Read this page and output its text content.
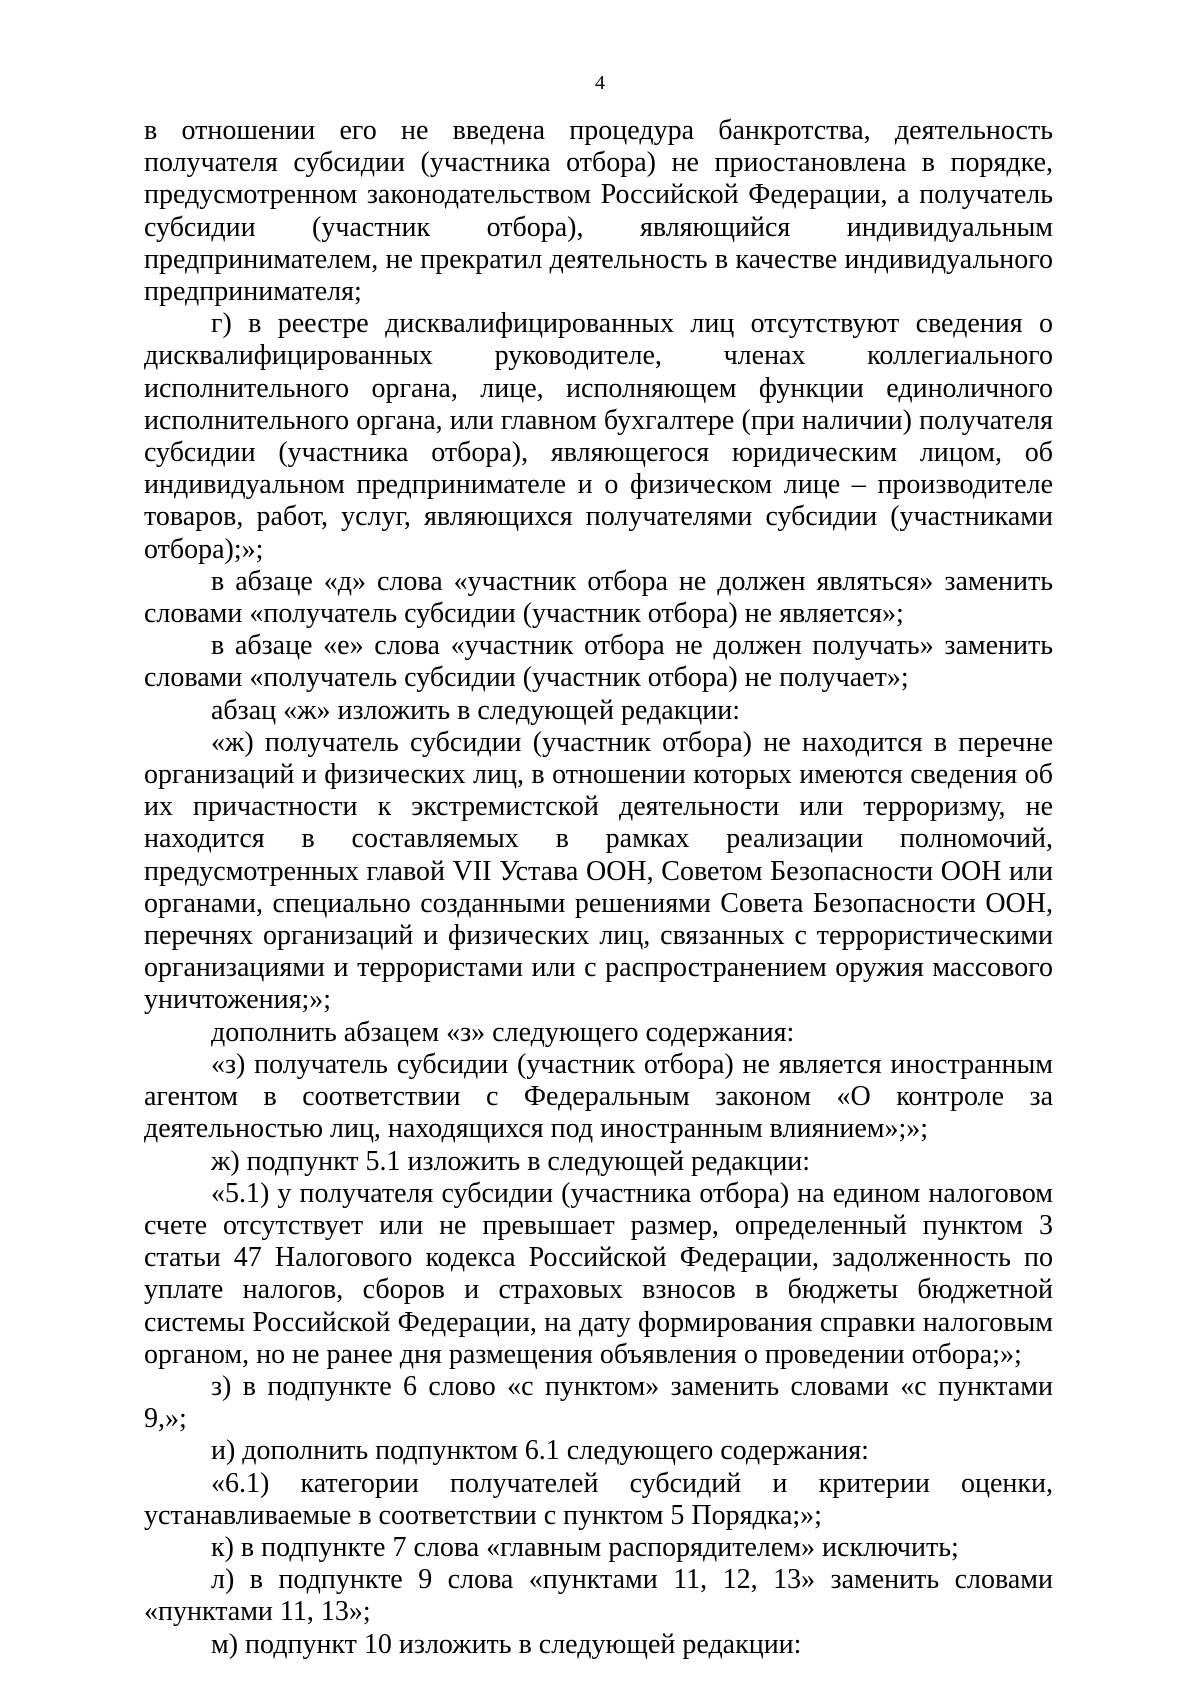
4

в отношении его не введена процедура банкротства, деятельность получателя субсидии (участника отбора) не приостановлена в порядке, предусмотренном законодательством Российской Федерации, а получатель субсидии (участник отбора), являющийся индивидуальным предпринимателем, не прекратил деятельность в качестве индивидуального предпринимателя;

г) в реестре дисквалифицированных лиц отсутствуют сведения о дисквалифицированных руководителе, членах коллегиального исполнительного органа, лице, исполняющем функции единоличного исполнительного органа, или главном бухгалтере (при наличии) получателя субсидии (участника отбора), являющегося юридическим лицом, об индивидуальном предпринимателе и о физическом лице – производителе товаров, работ, услуг, являющихся получателями субсидии (участниками отбора);»;

в абзаце «д» слова «участник отбора не должен являться» заменить словами «получатель субсидии (участник отбора) не является»;

в абзаце «е» слова «участник отбора не должен получать» заменить словами «получатель субсидии (участник отбора) не получает»;

абзац «ж» изложить в следующей редакции:

«ж) получатель субсидии (участник отбора) не находится в перечне организаций и физических лиц, в отношении которых имеются сведения об их причастности к экстремистской деятельности или терроризму, не находится в составляемых в рамках реализации полномочий, предусмотренных главой VII Устава ООН, Советом Безопасности ООН или органами, специально созданными решениями Совета Безопасности ООН, перечнях организаций и физических лиц, связанных с террористическими организациями и террористами или с распространением оружия массового уничтожения;»;

дополнить абзацем «з» следующего содержания:

«з) получатель субсидии (участник отбора) не является иностранным агентом в соответствии с Федеральным законом «О контроле за деятельностью лиц, находящихся под иностранным влиянием»;»;

ж) подпункт 5.1 изложить в следующей редакции:

«5.1) у получателя субсидии (участника отбора) на едином налоговом счете отсутствует или не превышает размер, определенный пунктом 3 статьи 47 Налогового кодекса Российской Федерации, задолженность по уплате налогов, сборов и страховых взносов в бюджеты бюджетной системы Российской Федерации, на дату формирования справки налоговым органом, но не ранее дня размещения объявления о проведении отбора;»;

з) в подпункте 6 слово «с пунктом» заменить словами «с пунктами 9,»;

и) дополнить подпунктом 6.1 следующего содержания:

«6.1) категории получателей субсидий и критерии оценки, устанавливаемые в соответствии с пунктом 5 Порядка;»;

к) в подпункте 7 слова «главным распорядителем» исключить;

л) в подпункте 9 слова «пунктами 11, 12, 13» заменить словами «пунктами 11, 13»;

м) подпункт 10 изложить в следующей редакции:
